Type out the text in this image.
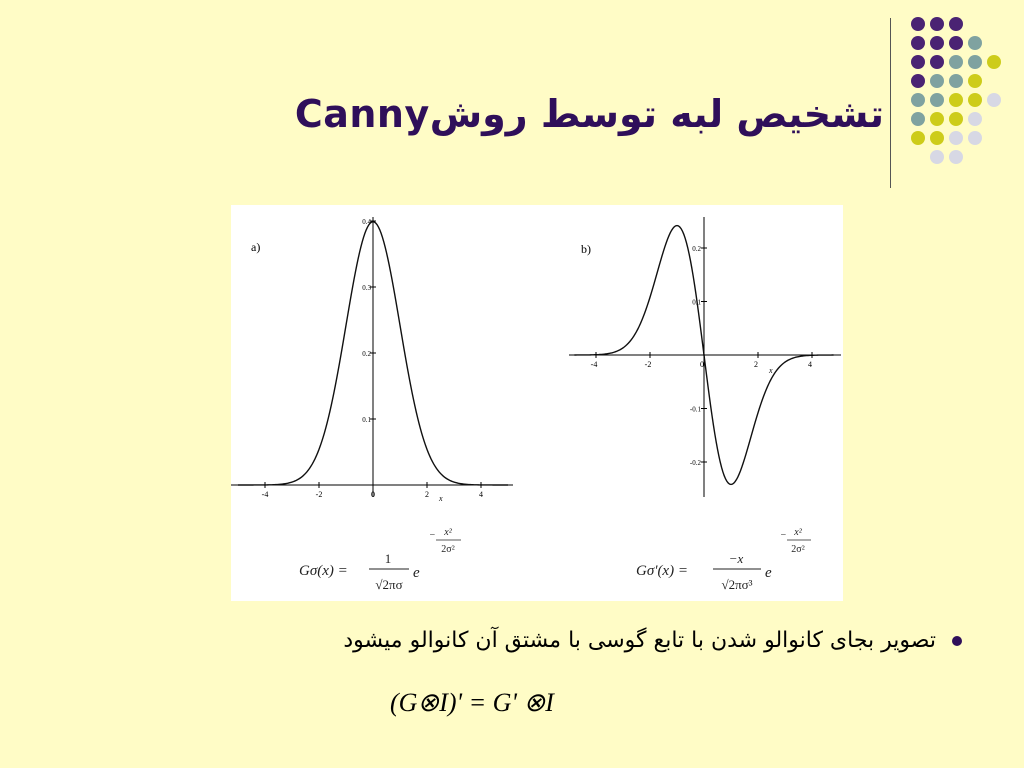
تشخیص لبه توسط روشCanny
a)
-4	-2	0	2	4
0.4
0.3
0.2
0.1
x
b)
-4	-2	0	2	4
0.2
0.1
-0.1
-0.2
x
Gσ(x) =
1
√2πσ
e
− x²
2σ²
Gσ'(x) =
−x
√2πσ³
e
− x²
2σ²
تصویر بجای کانوالو شدن با تابع گوسی با مشتق آن کانوالو میشود
(G⊗I)' = G' ⊗I
